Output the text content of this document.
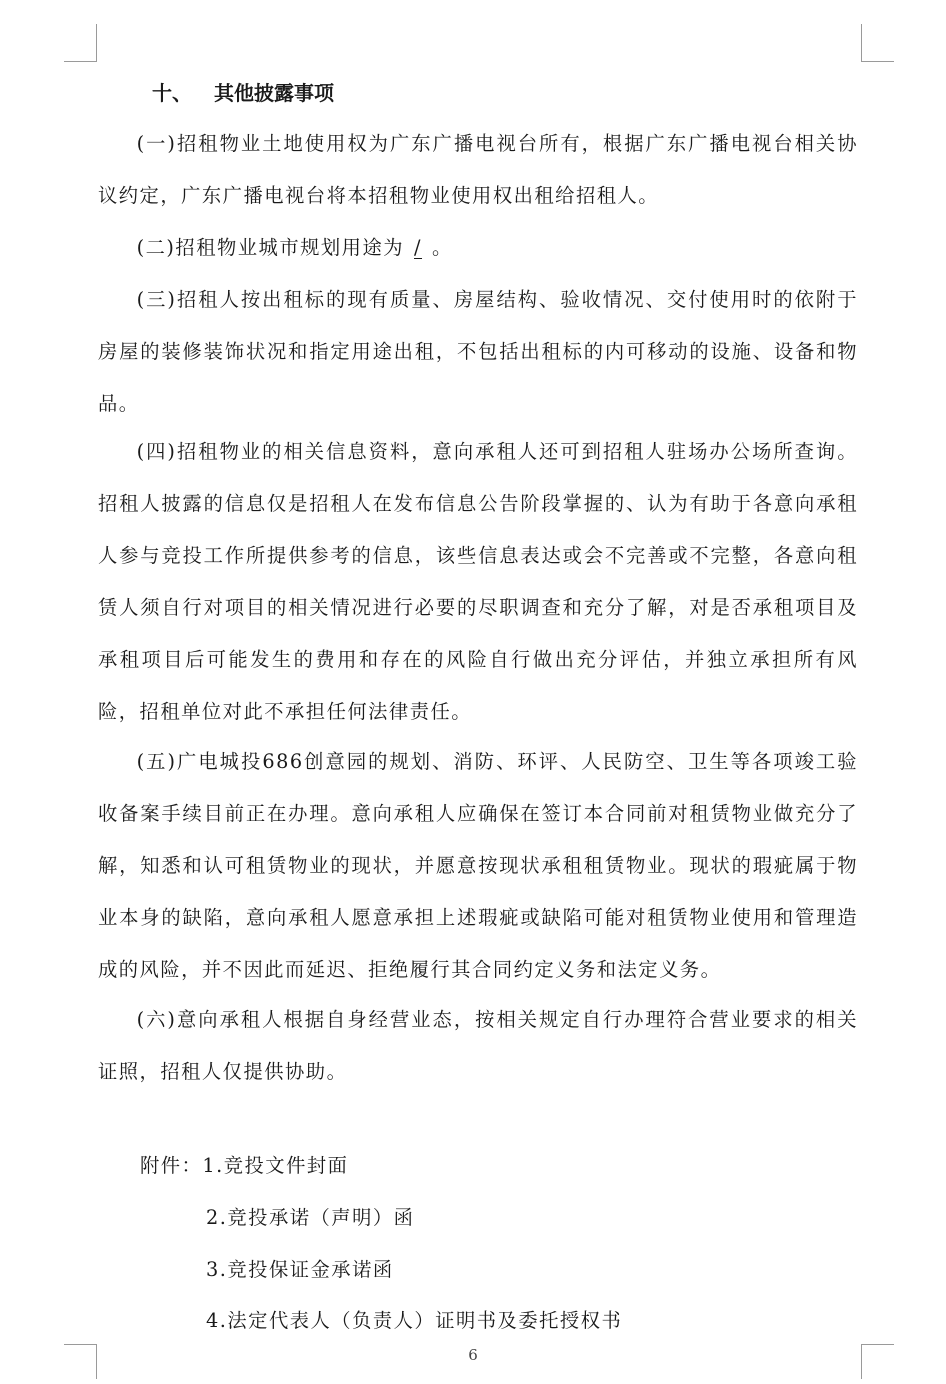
十、 其他披露事项

(一)招租物业土地使用权为广东广播电视台所有，根据广东广播电视台相关协议约定，广东广播电视台将本招租物业使用权出租给招租人。

(二)招租物业城市规划用途为 / 。

(三)招租人按出租标的现有质量、房屋结构、验收情况、交付使用时的依附于房屋的装修装饰状况和指定用途出租，不包括出租标的内可移动的设施、设备和物品。

(四)招租物业的相关信息资料，意向承租人还可到招租人驻场办公场所查询。招租人披露的信息仅是招租人在发布信息公告阶段掌握的、认为有助于各意向承租人参与竞投工作所提供参考的信息，该些信息表达或会不完善或不完整，各意向租赁人须自行对项目的相关情况进行必要的尽职调查和充分了解，对是否承租项目及承租项目后可能发生的费用和存在的风险自行做出充分评估，并独立承担所有风险，招租单位对此不承担任何法律责任。

(五)广电城投686创意园的规划、消防、环评、人民防空、卫生等各项竣工验收备案手续目前正在办理。意向承租人应确保在签订本合同前对租赁物业做充分了解，知悉和认可租赁物业的现状，并愿意按现状承租租赁物业。现状的瑕疵属于物业本身的缺陷，意向承租人愿意承担上述瑕疵或缺陷可能对租赁物业使用和管理造成的风险，并不因此而延迟、拒绝履行其合同约定义务和法定义务。

(六)意向承租人根据自身经营业态，按相关规定自行办理符合营业要求的相关证照，招租人仅提供协助。

附件：1.竞投文件封面
2.竞投承诺（声明）函
3.竞投保证金承诺函
4.法定代表人（负责人）证明书及委托授权书
6
